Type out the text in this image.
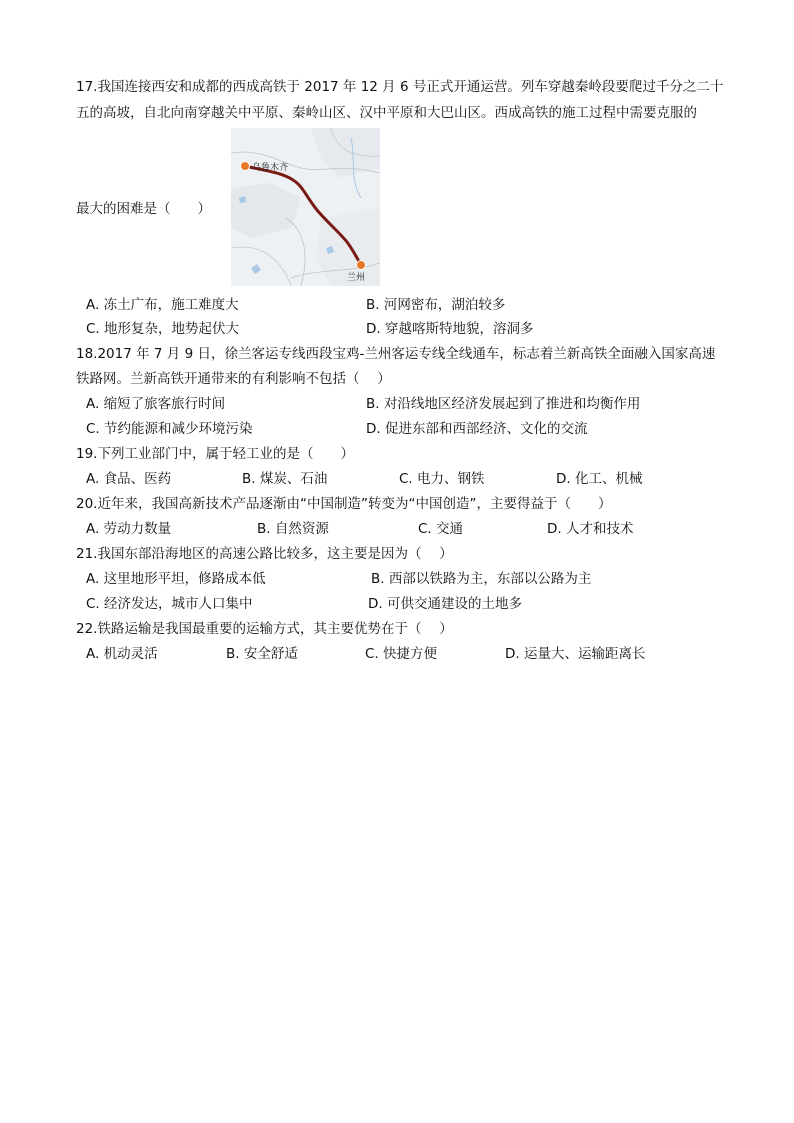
17.我国连接西安和成都的西成高铁于 2017 年 12 月 6 号正式开通运营。列车穿越秦岭段要爬过千分之二十
五的高坡，自北向南穿越关中平原、秦岭山区、汉中平原和大巴山区。西成高铁的施工过程中需要克服的
最大的困难是（　　）
乌鲁木齐
兰州
A. 冻土广布，施工难度大	B. 河网密布，湖泊较多
C. 地形复杂，地势起伏大	D. 穿越喀斯特地貌，溶洞多
18.2017 年 7 月 9 日，徐兰客运专线西段宝鸡-兰州客运专线全线通车，标志着兰新高铁全面融入国家高速
铁路网。兰新高铁开通带来的有利影响不包括（　 ）
A. 缩短了旅客旅行时间	B. 对沿线地区经济发展起到了推进和均衡作用
C. 节约能源和减少环境污染	D. 促进东部和西部经济、文化的交流
19.下列工业部门中，属于轻工业的是（　　）
A. 食品、医药	B. 煤炭、石油	C. 电力、钢铁	D. 化工、机械
20.近年来，我国高新技术产品逐渐由“中国制造”转变为“中国创造”，主要得益于（　　）
A. 劳动力数量	B. 自然资源	C. 交通	D. 人才和技术
21.我国东部沿海地区的高速公路比较多，这主要是因为（　 ）
A. 这里地形平坦，修路成本低	B. 西部以铁路为主，东部以公路为主
C. 经济发达，城市人口集中	D. 可供交通建设的土地多
22.铁路运输是我国最重要的运输方式，其主要优势在于（　 ）
A. 机动灵活	B. 安全舒适	C. 快捷方便	D. 运量大、运输距离长
